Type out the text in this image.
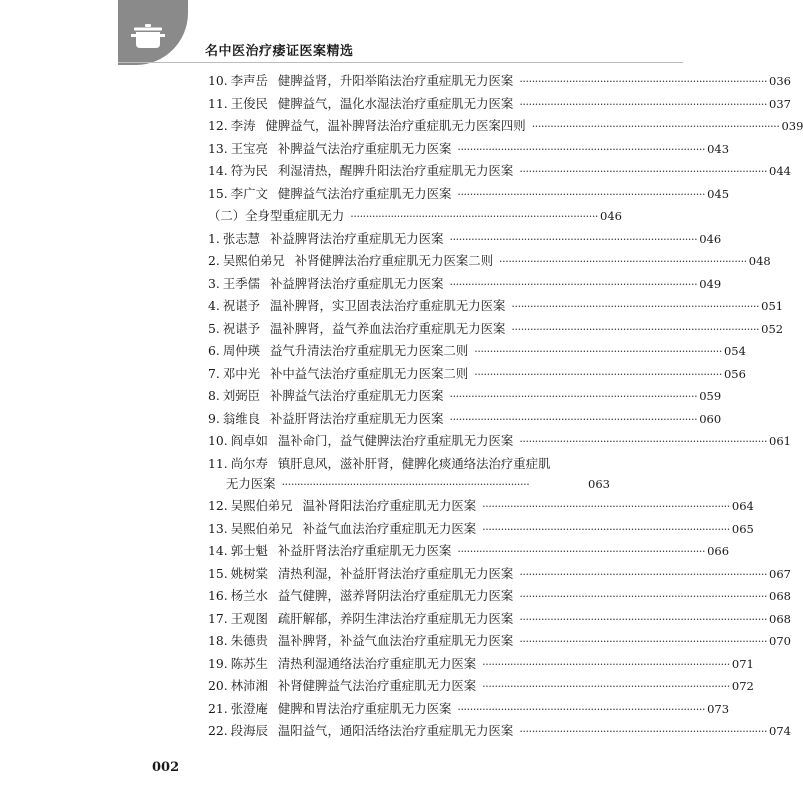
名中医治疗痿证医案精选
10. 李声岳 健脾益肾，升阳举陷法治疗重症肌无力医案 ················································································ 036
11. 王俊民 健脾益气，温化水湿法治疗重症肌无力医案 ················································································ 037
12. 李涛 健脾益气，温补脾肾法治疗重症肌无力医案四则 ················································································ 039
13. 王宝亮 补脾益气法治疗重症肌无力医案 ················································································ 043
14. 符为民 利湿清热，醒脾升阳法治疗重症肌无力医案 ················································································ 044
15. 李广文 健脾益气法治疗重症肌无力医案 ················································································ 045
（二）全身型重症肌无力 ················································································ 046
1. 张志慧 补益脾肾法治疗重症肌无力医案 ················································································ 046
2. 吴熙伯弟兄 补肾健脾法治疗重症肌无力医案二则 ················································································ 048
3. 王季儒 补益脾肾法治疗重症肌无力医案 ················································································ 049
4. 祝谌予 温补脾肾，实卫固表法治疗重症肌无力医案 ················································································ 051
5. 祝谌予 温补脾肾，益气养血法治疗重症肌无力医案 ················································································ 052
6. 周仲瑛 益气升清法治疗重症肌无力医案二则 ················································································ 054
7. 邓中光 补中益气法治疗重症肌无力医案二则 ················································································ 056
8. 刘弼臣 补脾益气法治疗重症肌无力医案 ················································································ 059
9. 翁维良 补益肝肾法治疗重症肌无力医案 ················································································ 060
10. 阎卓如 温补命门，益气健脾法治疗重症肌无力医案 ················································································ 061
11. 尚尔寿 镇肝息风，滋补肝肾，健脾化痰通络法治疗重症肌
无力医案 ················································································	063
12. 吴熙伯弟兄 温补肾阳法治疗重症肌无力医案 ················································································ 064
13. 吴熙伯弟兄 补益气血法治疗重症肌无力医案 ················································································ 065
14. 郭士魁 补益肝肾法治疗重症肌无力医案 ················································································ 066
15. 姚树棠 清热利湿，补益肝肾法治疗重症肌无力医案 ················································································ 067
16. 杨兰水 益气健脾，滋养肾阴法治疗重症肌无力医案 ················································································ 068
17. 王观图 疏肝解郁，养阴生津法治疗重症肌无力医案 ················································································ 068
18. 朱德贵 温补脾肾，补益气血法治疗重症肌无力医案 ················································································ 070
19. 陈苏生 清热利湿通络法治疗重症肌无力医案 ················································································ 071
20. 林沛湘 补肾健脾益气法治疗重症肌无力医案 ················································································ 072
21. 张澄庵 健脾和胃法治疗重症肌无力医案 ················································································ 073
22. 段海辰 温阳益气，通阳活络法治疗重症肌无力医案 ················································································ 074
002
